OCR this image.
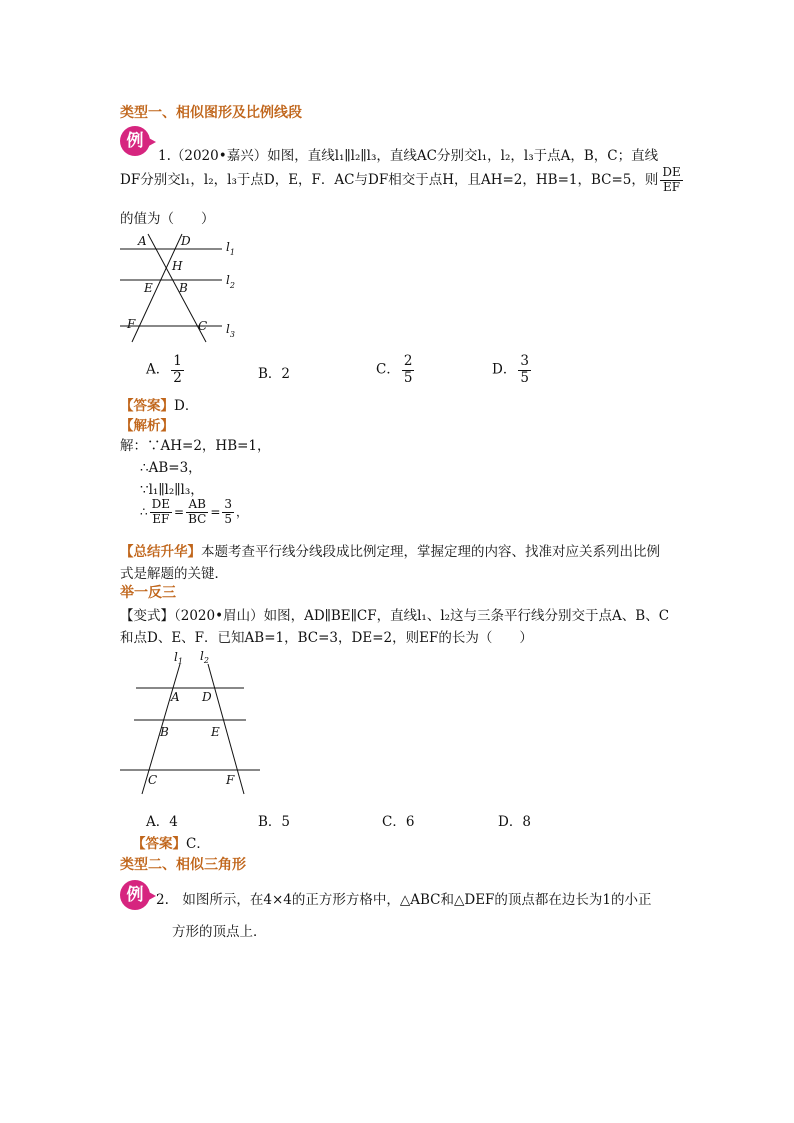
类型一、相似图形及比例线段
例
1.（2020•嘉兴）如图，直线l₁∥l₂∥l₃，直线AC分别交l₁，l₂，l₃于点A，B，C；直线
DF分别交l₁，l₂，l₃于点D，E，F．AC与DF相交于点H，且AH=2，HB=1，BC=5，则 $\frac{DE}{EF}$
的值为（　　）
A	D
H
E B
F	C
$l_1$
$l_2$
$l_3$
A． $\frac{1}{2}$	B．2	C． $\frac{2}{5}$	D． $\frac{3}{5}$
【答案】D．
【解析】
解：∵AH=2，HB=1，
∴AB=3，
∵l₁∥l₂∥l₃，
∴ $\frac{DE}{EF} = \frac{AB}{BC} = \frac{3}{5}$ ，
【总结升华】本题考查平行线分线段成比例定理，掌握定理的内容、找准对应关系列出比例
式是解题的关键．
举一反三
【变式】（2020•眉山）如图，AD∥BE∥CF，直线l₁、l₂这与三条平行线分别交于点A、B、C
和点D、E、F．已知AB=1，BC=3，DE=2，则EF的长为（　　）
$l_1$ $l_2$
A D
B	E
C	F
A．4	B．5	C．6	D．8
【答案】C．
类型二、相似三角形
例 2.　如图所示，在4×4的正方形方格中，△ABC和△DEF的顶点都在边长为1的小正
方形的顶点上．
